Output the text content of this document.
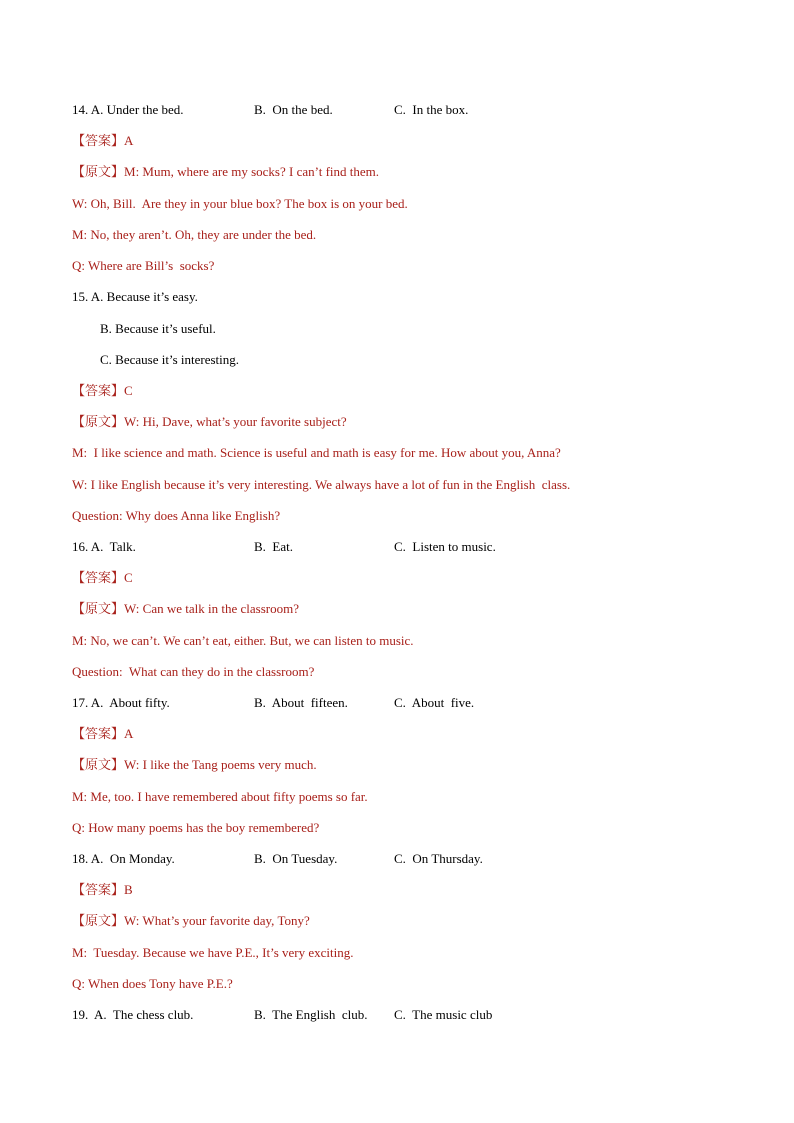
14. A. Under the bed.	B.  On the bed.	C.  In the box.
【答案】A
【原文】M: Mum, where are my socks? I can’t find them.
W: Oh, Bill.  Are they in your blue box? The box is on your bed.
M: No, they aren’t. Oh, they are under the bed.
Q: Where are Bill’s  socks?
15. A. Because it’s easy.
B. Because it’s useful.
C. Because it’s interesting.
【答案】C
【原文】W: Hi, Dave, what’s your favorite subject?
M:  I like science and math. Science is useful and math is easy for me. How about you, Anna?
W: I like English because it’s very interesting. We always have a lot of fun in the English  class.
Question: Why does Anna like English?
16. A.  Talk.	B.  Eat.	C.  Listen to music.
【答案】C
【原文】W: Can we talk in the classroom?
M: No, we can’t. We can’t eat, either. But, we can listen to music.
Question:  What can they do in the classroom?
17. A.  About fifty.	B.  About  fifteen.	C.  About  five.
【答案】A
【原文】W: I like the Tang poems very much.
M: Me, too. I have remembered about fifty poems so far.
Q: How many poems has the boy remembered?
18. A.  On Monday.	B.  On Tuesday.	C.  On Thursday.
【答案】B
【原文】W: What’s your favorite day, Tony?
M:  Tuesday. Because we have P.E., It’s very exciting.
Q: When does Tony have P.E.?
19.  A.  The chess club.	B.  The English  club. C.  The music club
